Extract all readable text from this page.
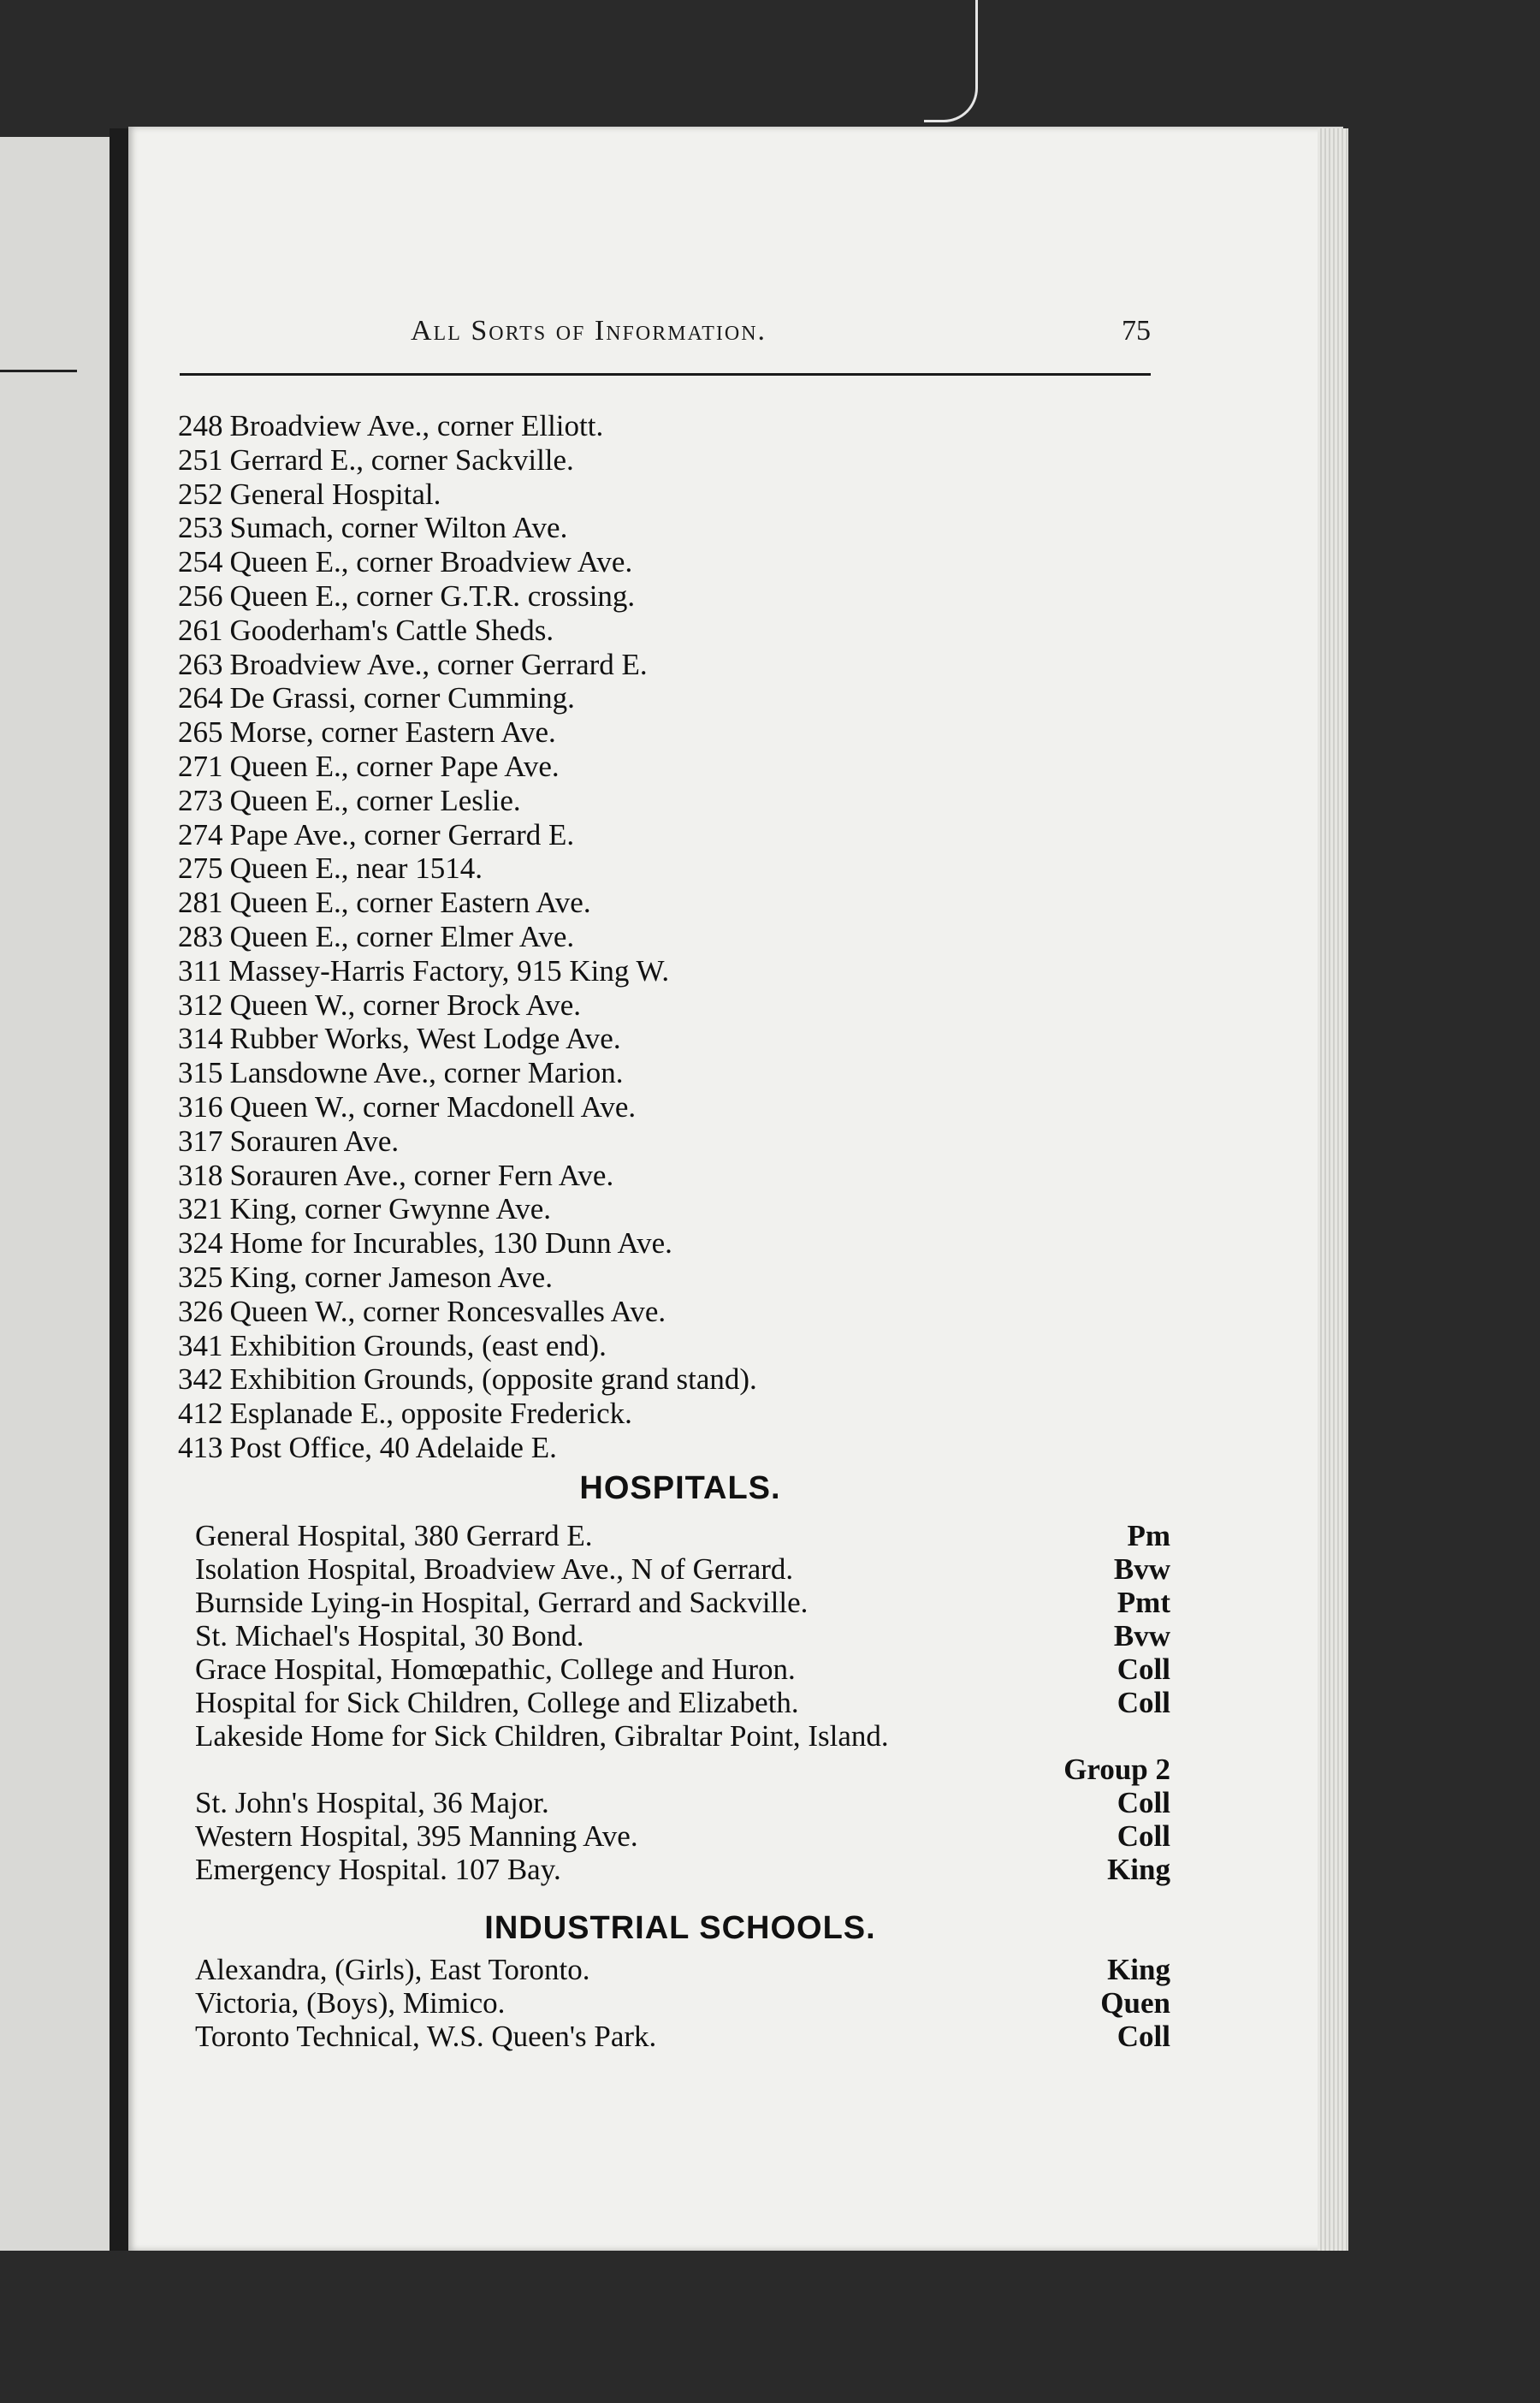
All Sorts of Information.	75
248 Broadview Ave., corner Elliott.
251 Gerrard E., corner Sackville.
252 General Hospital.
253 Sumach, corner Wilton Ave.
254 Queen E., corner Broadview Ave.
256 Queen E., corner G.T.R. crossing.
261 Gooderham's Cattle Sheds.
263 Broadview Ave., corner Gerrard E.
264 De Grassi, corner Cumming.
265 Morse, corner Eastern Ave.
271 Queen E., corner Pape Ave.
273 Queen E., corner Leslie.
274 Pape Ave., corner Gerrard E.
275 Queen E., near 1514.
281 Queen E., corner Eastern Ave.
283 Queen E., corner Elmer Ave.
311 Massey-Harris Factory, 915 King W.
312 Queen W., corner Brock Ave.
314 Rubber Works, West Lodge Ave.
315 Lansdowne Ave., corner Marion.
316 Queen W., corner Macdonell Ave.
317 Sorauren Ave.
318 Sorauren Ave., corner Fern Ave.
321 King, corner Gwynne Ave.
324 Home for Incurables, 130 Dunn Ave.
325 King, corner Jameson Ave.
326 Queen W., corner Roncesvalles Ave.
341 Exhibition Grounds, (east end).
342 Exhibition Grounds, (opposite grand stand).
412 Esplanade E., opposite Frederick.
413 Post Office, 40 Adelaide E.
HOSPITALS.
General Hospital, 380 Gerrard E.	Pm
Isolation Hospital, Broadview Ave., N of Gerrard.	Bvw
Burnside Lying-in Hospital, Gerrard and Sackville.	Pmt
St. Michael's Hospital, 30 Bond.	Bvw
Grace Hospital, Homœpathic, College and Huron.	Coll
Hospital for Sick Children, College and Elizabeth.	Coll
Lakeside Home for Sick Children, Gibraltar Point, Island.
Group 2
St. John's Hospital, 36 Major.	Coll
Western Hospital, 395 Manning Ave.	Coll
Emergency Hospital. 107 Bay.	King
INDUSTRIAL SCHOOLS.
Alexandra, (Girls), East Toronto.	King
Victoria, (Boys), Mimico.	Quen
Toronto Technical, W.S. Queen's Park.	Coll
